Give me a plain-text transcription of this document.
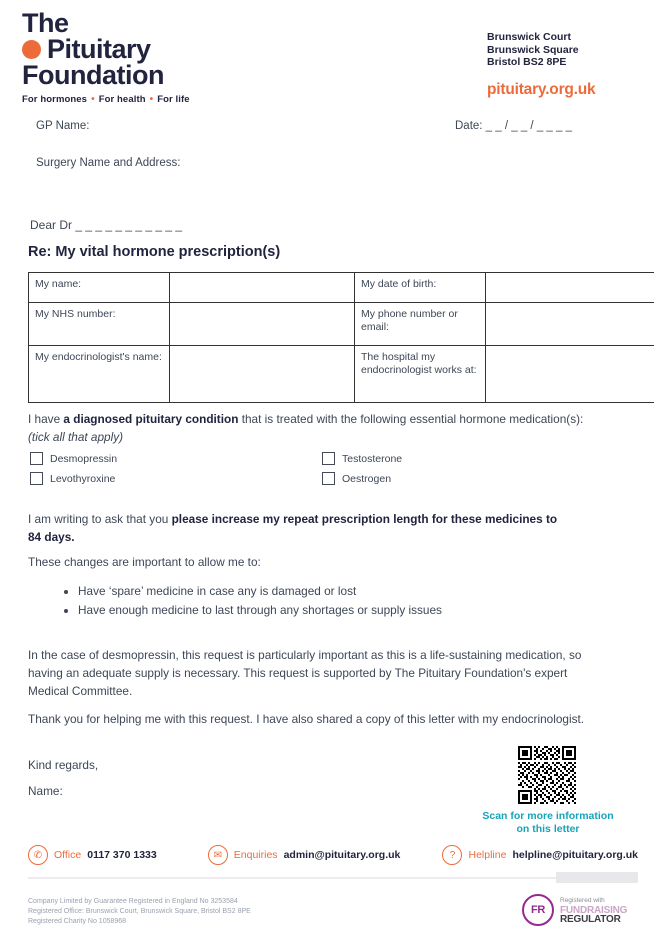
The
Pituitary
Foundation
For hormones • For health • For life
Brunswick Court
Brunswick Square
Bristol BS2 8PE
pituitary.org.uk
GP Name:	Date: _ _ / _ _ / _ _ _ _
Surgery Name and Address:
Dear Dr _ _ _ _ _ _ _ _ _ _ _
Re: My vital hormone prescription(s)
My name:		My date of birth:	
My NHS number:		My phone number or email:	
My endocrinologist's name:		The hospital my endocrinologist works at:	
I have a diagnosed pituitary condition that is treated with the following essential hormone medication(s): (tick all that apply)
Desmopressin	Testosterone
Levothyroxine	Oestrogen
I am writing to ask that you please increase my repeat prescription length for these medicines to 84 days.
These changes are important to allow me to:
• Have ‘spare’ medicine in case any is damaged or lost
• Have enough medicine to last through any shortages or supply issues
In the case of desmopressin, this request is particularly important as this is a life-sustaining medication, so having an adequate supply is necessary. This request is supported by The Pituitary Foundation's expert Medical Committee.
Thank you for helping me with this request. I have also shared a copy of this letter with my endocrinologist.
Kind regards,
Name:
Scan for more information
on this letter
✆	Office 0117 370 1333	✉	Enquiries admin@pituitary.org.uk	?	Helpline helpline@pituitary.org.uk
Company Limited by Guarantee Registered in England No 3253584
Registered Office: Brunswick Court, Brunswick Square, Bristol BS2 8PE
Registered Charity No 1058968
FR
Registered with
FUNDRAISING
REGULATOR
